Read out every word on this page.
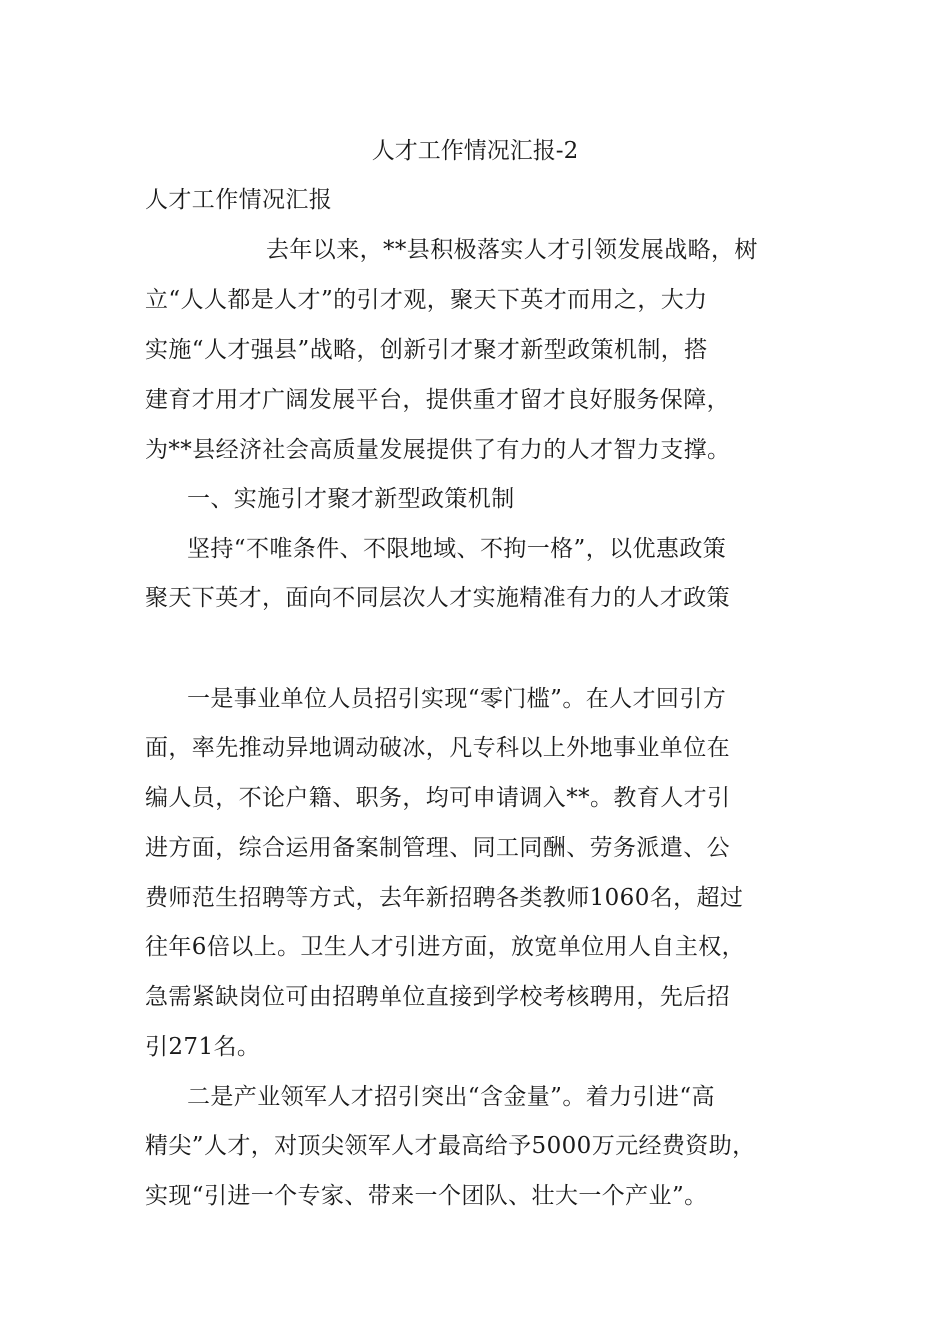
人才工作情况汇报-2
人才工作情况汇报
去年以来，**县积极落实人才引领发展战略，树
立“人人都是人才”的引才观，聚天下英才而用之，大力
实施“人才强县”战略，创新引才聚才新型政策机制，搭
建育才用才广阔发展平台，提供重才留才良好服务保障，
为**县经济社会高质量发展提供了有力的人才智力支撑。
一、实施引才聚才新型政策机制
坚持“不唯条件、不限地域、不拘一格”，以优惠政策
聚天下英才，面向不同层次人才实施精准有力的人才政策
一是事业单位人员招引实现“零门槛”。在人才回引方
面，率先推动异地调动破冰，凡专科以上外地事业单位在
编人员，不论户籍、职务，均可申请调入**。教育人才引
进方面，综合运用备案制管理、同工同酬、劳务派遣、公
费师范生招聘等方式，去年新招聘各类教师1060名，超过
往年6倍以上。卫生人才引进方面，放宽单位用人自主权，
急需紧缺岗位可由招聘单位直接到学校考核聘用，先后招
引271名。
二是产业领军人才招引突出“含金量”。着力引进“高
精尖”人才，对顶尖领军人才最高给予5000万元经费资助，
实现“引进一个专家、带来一个团队、壮大一个产业”。
